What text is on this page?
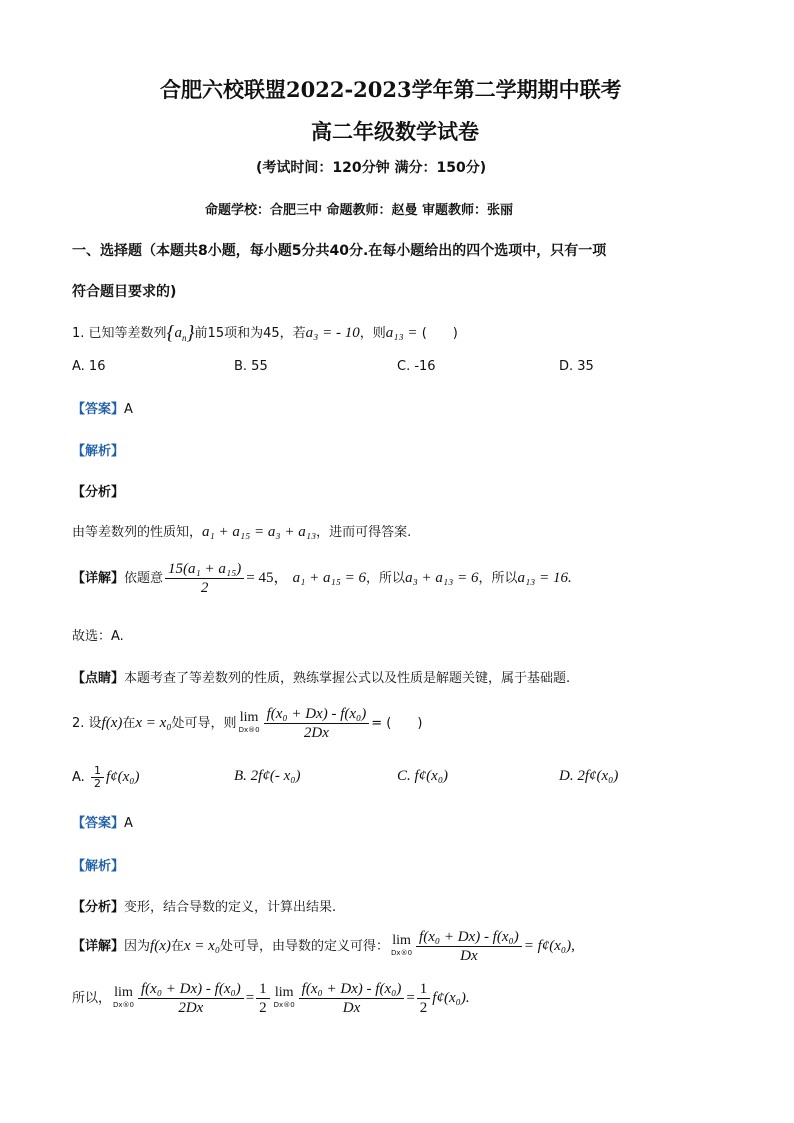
合肥六校联盟2022-2023学年第二学期期中联考
高二年级数学试卷
(考试时间：120分钟 满分：150分)
命题学校：合肥三中 命题教师：赵曼 审题教师：张丽
一、选择题（本题共8小题，每小题5分共40分.在每小题给出的四个选项中，只有一项
符合题目要求的)
1. 已知等差数列$\{a_n\}$前15项和为45，若a₃ = - 10，则a₁₃ = (　　)
A. 16	B. 55	C. -16	D. 35
【答案】A
【解析】
【分析】
由等差数列的性质知，a₁ + a₁₅ = a₃ + a₁₃，进而可得答案.
【详解】依题意 $\frac{\text{15(a₁ + a₁₅)}}{2} = 45$， a₁ + a₁₅ = 6，所以a₃ + a₁₃ = 6，所以a₁₃ = 16.
故选：A.
【点睛】本题考查了等差数列的性质，熟练掌握公式以及性质是解题关键，属于基础题.
2. 设f(x)在x = x₀处可导，则 lim
Dx®0 $\frac{\text{f(x₀ + Dx) - f(x₀)}}{2Dx}$ = (　　)
A. $\frac{1}{2}$ f¢(x₀)	B. 2f¢(- x₀)	C. f¢(x₀)	D. 2f¢(x₀)
【答案】A
【解析】
【分析】变形，结合导数的定义，计算出结果.
【详解】因为f(x)在x = x₀处可导，由导数的定义可得： lim
Dx®0 $\frac{\text{f(x₀ + Dx) - f(x₀)}}{Dx}$ = f¢(x₀),
所以， lim
Dx®0 $\frac{\text{f(x₀ + Dx) - f(x₀)}}{2Dx} = \frac{1}{2}$ lim
Dx®0 $\frac{\text{f(x₀ + Dx) - f(x₀)}}{Dx} = \frac{1}{2}$ f¢(x₀).
